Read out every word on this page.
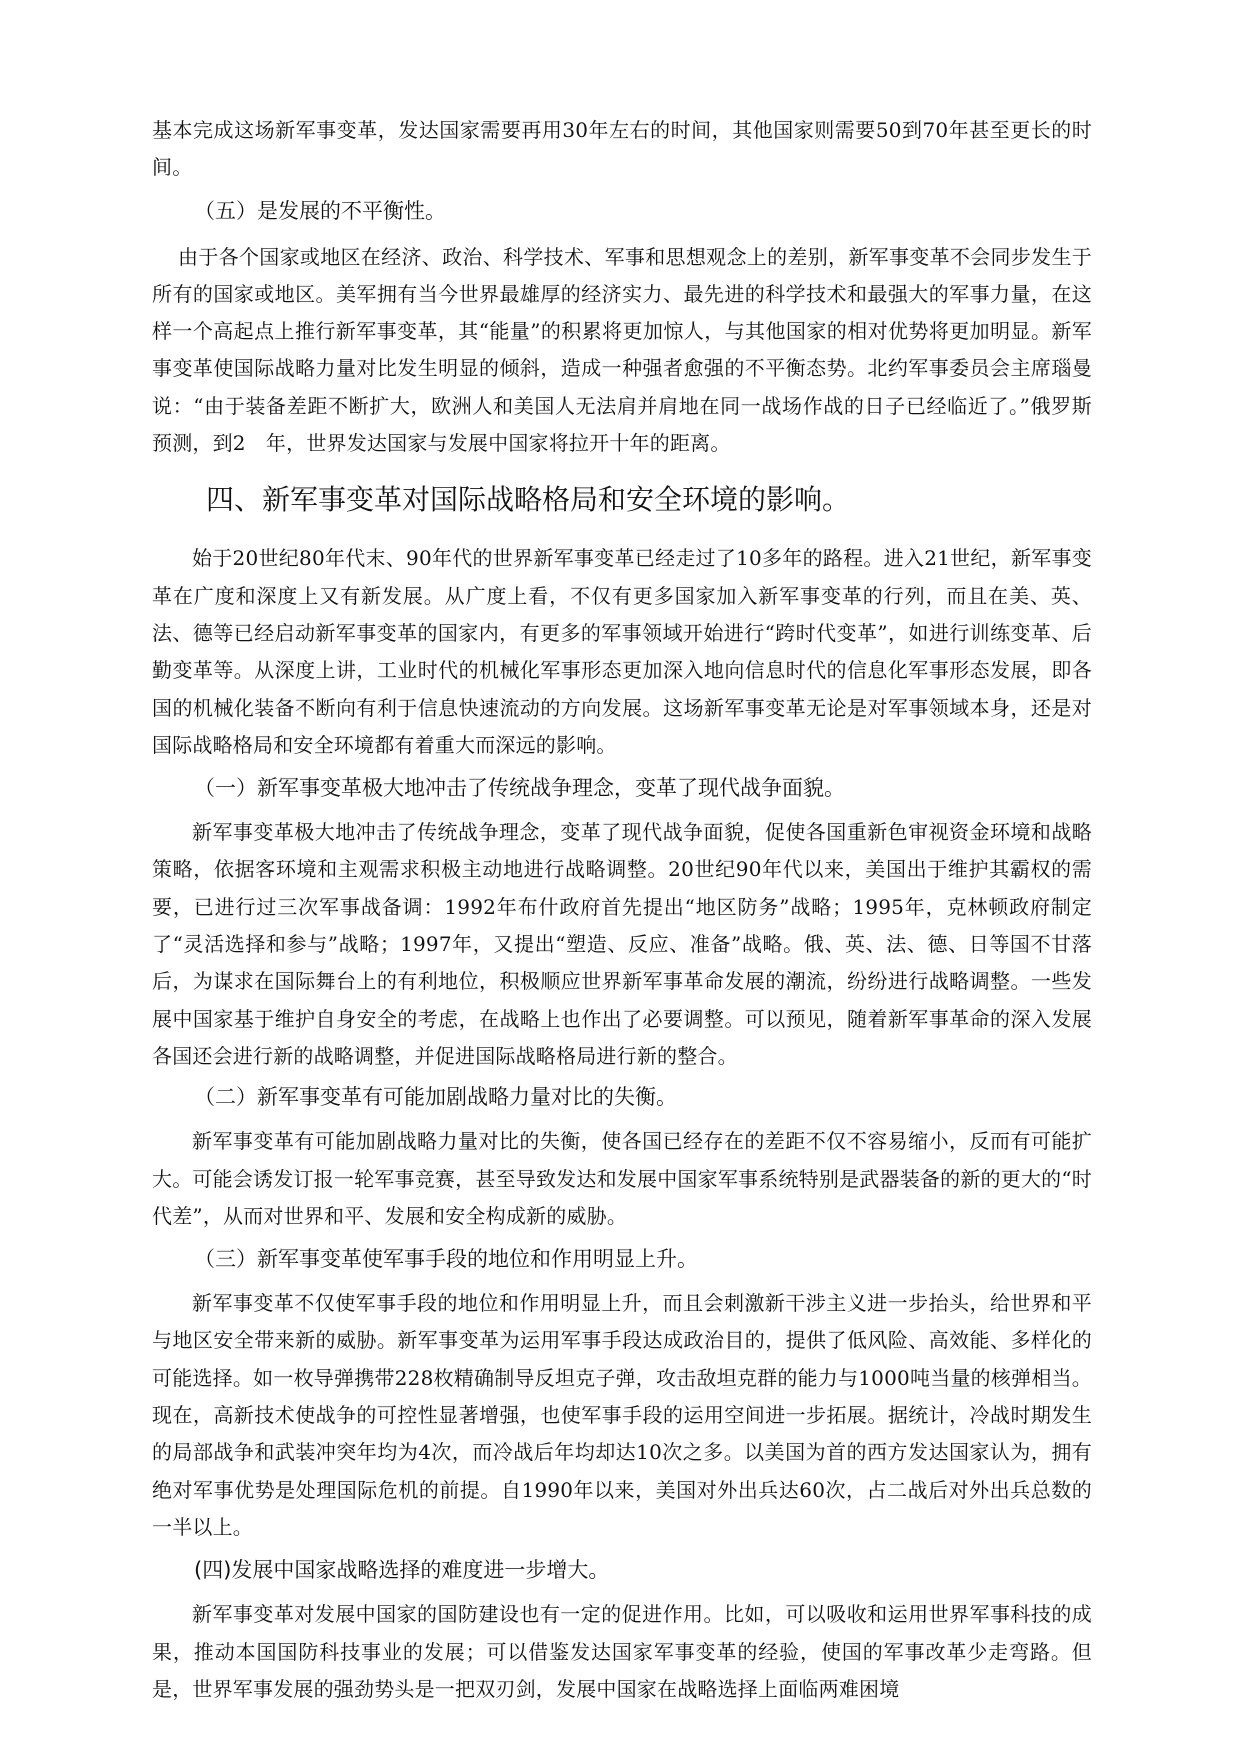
基本完成这场新军事变革，发达国家需要再用30年左右的时间，其他国家则需要50到70年甚至更长的时间。

（五）是发展的不平衡性。

由于各个国家或地区在经济、政治、科学技术、军事和思想观念上的差别，新军事变革不会同步发生于所有的国家或地区。美军拥有当今世界最雄厚的经济实力、最先进的科学技术和最强大的军事力量，在这样一个高起点上推行新军事变革，其“能量”的积累将更加惊人，与其他国家的相对优势将更加明显。新军事变革使国际战略力量对比发生明显的倾斜，造成一种强者愈强的不平衡态势。北约军事委员会主席瑙曼说：“由于装备差距不断扩大，欧洲人和美国人无法肩并肩地在同一战场作战的日子已经临近了。”俄罗斯预测，到2　年，世界发达国家与发展中国家将拉开十年的距离。

四、新军事变革对国际战略格局和安全环境的影响。

始于20世纪80年代末、90年代的世界新军事变革已经走过了10多年的路程。进入21世纪，新军事变革在广度和深度上又有新发展。从广度上看，不仅有更多国家加入新军事变革的行列，而且在美、英、法、德等已经启动新军事变革的国家内，有更多的军事领域开始进行“跨时代变革”，如进行训练变革、后勤变革等。从深度上讲，工业时代的机械化军事形态更加深入地向信息时代的信息化军事形态发展，即各国的机械化装备不断向有利于信息快速流动的方向发展。这场新军事变革无论是对军事领域本身，还是对国际战略格局和安全环境都有着重大而深远的影响。

（一）新军事变革极大地冲击了传统战争理念，变革了现代战争面貌。

新军事变革极大地冲击了传统战争理念，变革了现代战争面貌，促使各国重新色审视资金环境和战略策略，依据客环境和主观需求积极主动地进行战略调整。20世纪90年代以来，美国出于维护其霸权的需要，已进行过三次军事战备调：1992年布什政府首先提出“地区防务”战略；1995年，克林顿政府制定了“灵活选择和参与”战略；1997年，又提出“塑造、反应、准备”战略。俄、英、法、德、日等国不甘落后，为谋求在国际舞台上的有利地位，积极顺应世界新军事革命发展的潮流，纷纷进行战略调整。一些发展中国家基于维护自身安全的考虑，在战略上也作出了必要调整。可以预见，随着新军事革命的深入发展各国还会进行新的战略调整，并促进国际战略格局进行新的整合。

（二）新军事变革有可能加剧战略力量对比的失衡。

新军事变革有可能加剧战略力量对比的失衡，使各国已经存在的差距不仅不容易缩小，反而有可能扩大。可能会诱发订报一轮军事竞赛，甚至导致发达和发展中国家军事系统特别是武器装备的新的更大的“时代差”，从而对世界和平、发展和安全构成新的威胁。

（三）新军事变革使军事手段的地位和作用明显上升。

新军事变革不仅使军事手段的地位和作用明显上升，而且会刺激新干涉主义进一步抬头，给世界和平与地区安全带来新的威胁。新军事变革为运用军事手段达成政治目的，提供了低风险、高效能、多样化的可能选择。如一枚导弹携带228枚精确制导反坦克子弹，攻击敌坦克群的能力与1000吨当量的核弹相当。现在，高新技术使战争的可控性显著增强，也使军事手段的运用空间进一步拓展。据统计，冷战时期发生的局部战争和武装冲突年均为4次，而冷战后年均却达10次之多。以美国为首的西方发达国家认为，拥有绝对军事优势是处理国际危机的前提。自1990年以来，美国对外出兵达60次，占二战后对外出兵总数的一半以上。

(四)发展中国家战略选择的难度进一步增大。

新军事变革对发展中国家的国防建设也有一定的促进作用。比如，可以吸收和运用世界军事科技的成果，推动本国国防科技事业的发展；可以借鉴发达国家军事变革的经验，使国的军事改革少走弯路。但是，世界军事发展的强劲势头是一把双刃剑，发展中国家在战略选择上面临两难困境
